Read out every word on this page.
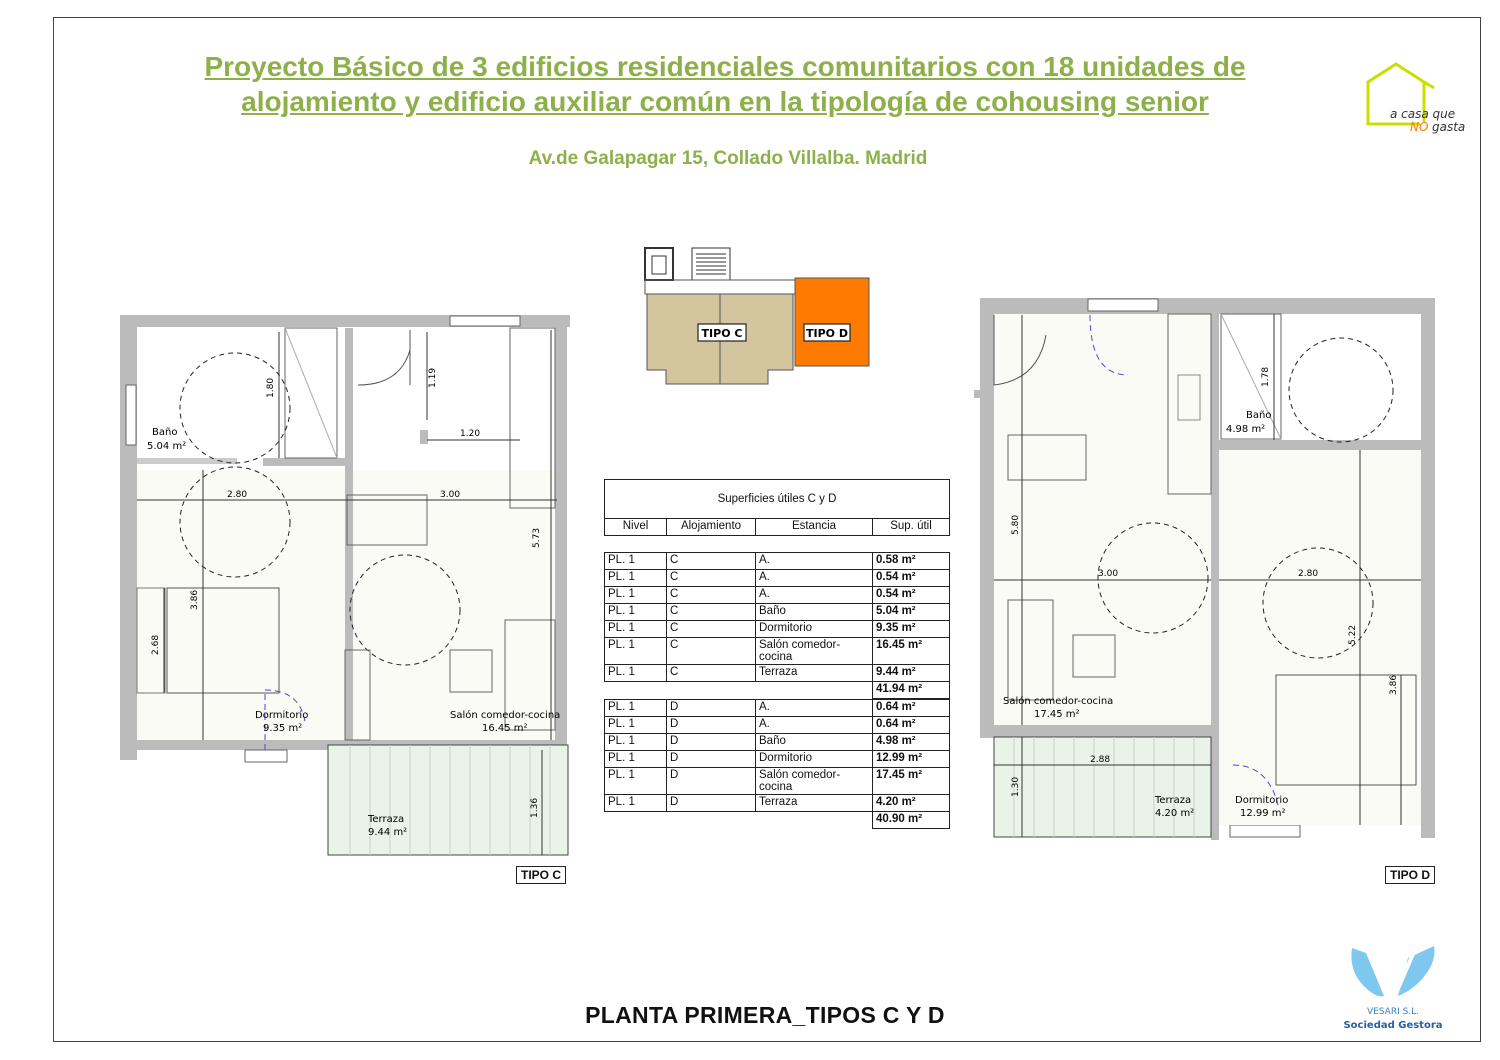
Proyecto Básico de 3 edificios residenciales comunitarios con 18 unidades de
alojamiento y edificio auxiliar común en la tipología de cohousing senior
Av.de Galapagar 15, Collado Villalba. Madrid
a casa que
NO gasta
TIPO C	TIPO D
1.80	1.19
1.20
2.80	3.00
5.73
3.86
2.68
1.36
Baño
5.04 m²
Dormitorio
9.35 m²
Salón comedor-cocina
16.45 m²
Terraza
9.44 m²
TIPO C
1.78
5.80
3.00	2.80
5.22
3.86
2.88
1.30
Baño
4.98 m²
Salón comedor-cocina
17.45 m²
Terraza
4.20 m²
Dormitorio
12.99 m²
TIPO D
Superficies útiles C y D
Nivel	Alojamiento	Estancia	Sup. útil
PL. 1	C	A.	0.58 m²
PL. 1	C	A.	0.54 m²
PL. 1	C	A.	0.54 m²
PL. 1	C	Baño	5.04 m²
PL. 1	C	Dormitorio	9.35 m²
PL. 1	C	Salón comedor-cocina	16.45 m²
PL. 1	C	Terraza	9.44 m²
			41.94 m²
PL. 1	D	A.	0.64 m²
PL. 1	D	A.	0.64 m²
PL. 1	D	Baño	4.98 m²
PL. 1	D	Dormitorio	12.99 m²
PL. 1	D	Salón comedor-cocina	17.45 m²
PL. 1	D	Terraza	4.20 m²
			40.90 m²
PLANTA PRIMERA_TIPOS C Y D	VESARI S.L.
Sociedad Gestora
